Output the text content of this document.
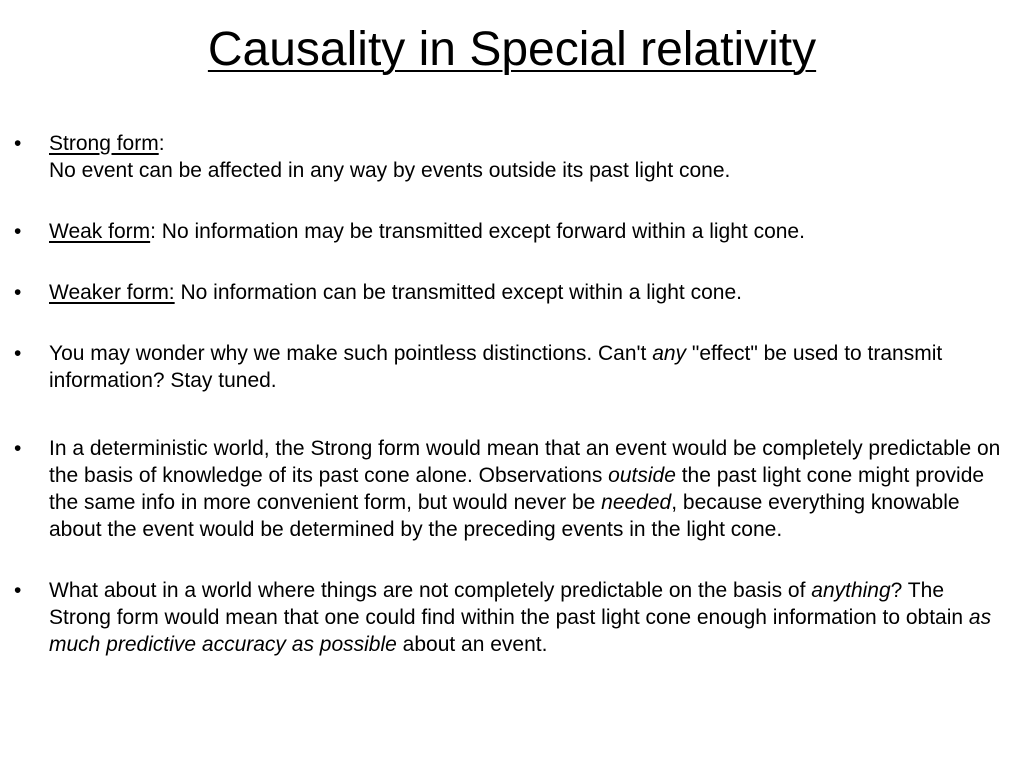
Causality in Special relativity
• Strong form:
No event can be affected in any way by events outside its past light cone.
• Weak form: No information may be transmitted except forward within a light cone.
• Weaker form: No information can be transmitted except within a light cone.
• You may wonder why we make such pointless distinctions. Can't any "effect" be used to transmit information? Stay tuned.
• In a deterministic world, the Strong form would mean that an event would be completely predictable on the basis of knowledge of its past cone alone. Observations outside the past light cone might provide the same info in more convenient form, but would never be needed, because everything knowable about the event would be determined by the preceding events in the light cone.
• What about in a world where things are not completely predictable on the basis of anything? The Strong form would mean that one could find within the past light cone enough information to obtain as much predictive accuracy as possible about an event.
